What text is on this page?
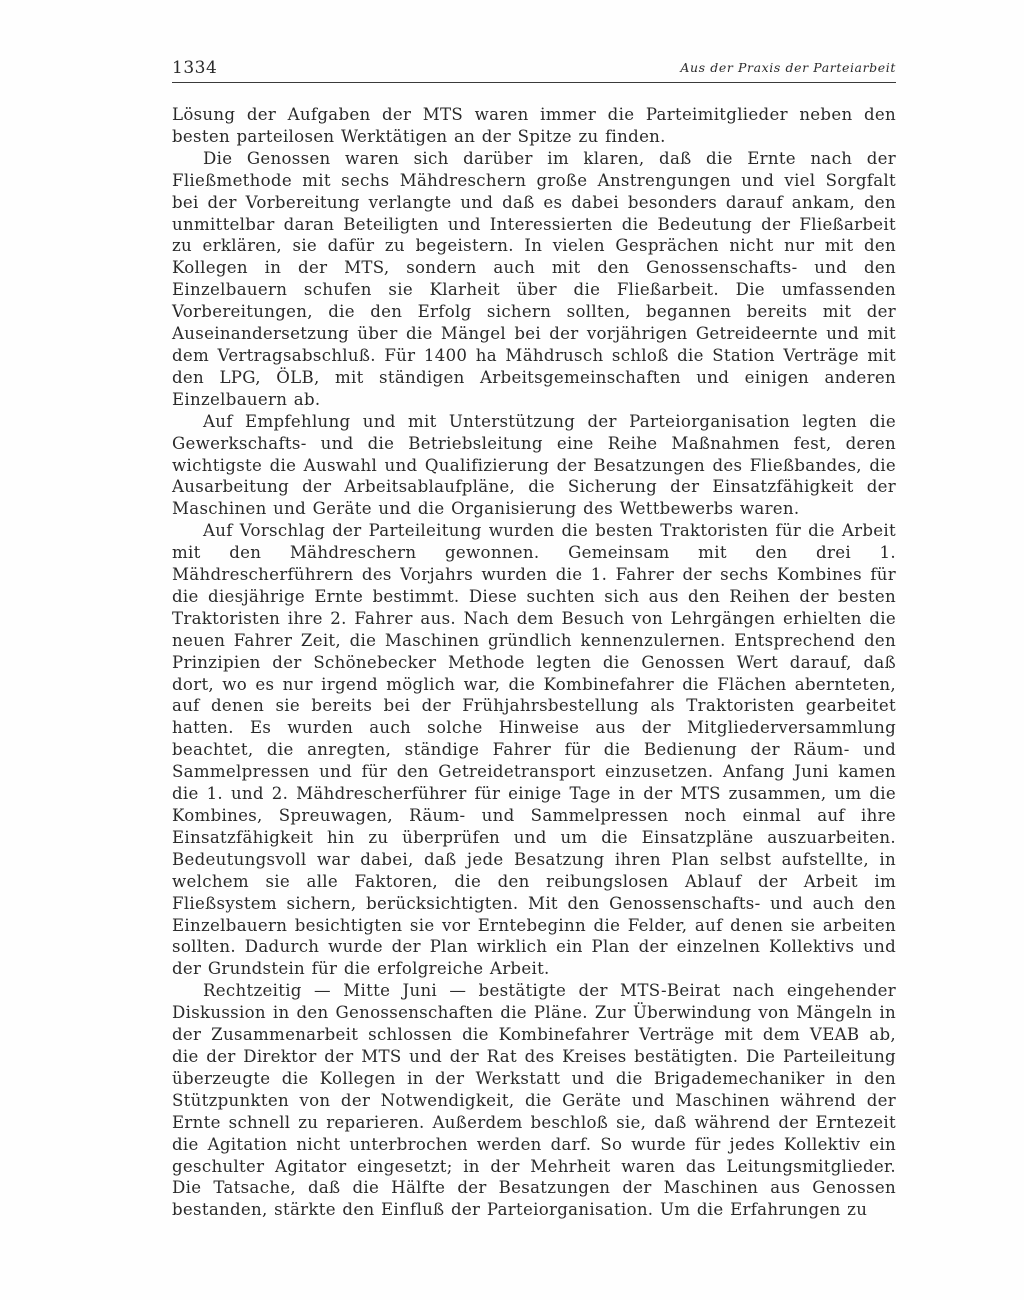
1334	Aus der Praxis der Parteiarbeit

Lösung der Aufgaben der MTS waren immer die Parteimitglieder neben den besten parteilosen Werktätigen an der Spitze zu finden.

Die Genossen waren sich darüber im klaren, daß die Ernte nach der Fließmethode mit sechs Mähdreschern große Anstrengungen und viel Sorgfalt bei der Vorbereitung verlangte und daß es dabei besonders darauf ankam, den unmittelbar daran Beteiligten und Interessierten die Bedeutung der Fließarbeit zu erklären, sie dafür zu begeistern. In vielen Gesprächen nicht nur mit den Kollegen in der MTS, sondern auch mit den Genossenschafts- und den Einzelbauern schufen sie Klarheit über die Fließarbeit. Die umfassenden Vorbereitungen, die den Erfolg sichern sollten, begannen bereits mit der Auseinandersetzung über die Mängel bei der vorjährigen Getreideernte und mit dem Vertragsabschluß. Für 1400 ha Mähdrusch schloß die Station Verträge mit den LPG, ÖLB, mit ständigen Arbeitsgemeinschaften und einigen anderen Einzelbauern ab.

Auf Empfehlung und mit Unterstützung der Parteiorganisation legten die Gewerkschafts- und die Betriebsleitung eine Reihe Maßnahmen fest, deren wichtigste die Auswahl und Qualifizierung der Besatzungen des Fließbandes, die Ausarbeitung der Arbeitsablaufpläne, die Sicherung der Einsatzfähigkeit der Maschinen und Geräte und die Organisierung des Wettbewerbs waren.

Auf Vorschlag der Parteileitung wurden die besten Traktoristen für die Arbeit mit den Mähdreschern gewonnen. Gemeinsam mit den drei 1. Mähdrescherführern des Vorjahrs wurden die 1. Fahrer der sechs Kombines für die diesjährige Ernte bestimmt. Diese suchten sich aus den Reihen der besten Traktoristen ihre 2. Fahrer aus. Nach dem Besuch von Lehrgängen erhielten die neuen Fahrer Zeit, die Maschinen gründlich kennenzulernen. Entsprechend den Prinzipien der Schönebecker Methode legten die Genossen Wert darauf, daß dort, wo es nur irgend möglich war, die Kombinefahrer die Flächen abernteten, auf denen sie bereits bei der Frühjahrsbestellung als Traktoristen gearbeitet hatten. Es wurden auch solche Hinweise aus der Mitgliederversammlung beachtet, die anregten, ständige Fahrer für die Bedienung der Räum- und Sammelpressen und für den Getreidetransport einzusetzen. Anfang Juni kamen die 1. und 2. Mähdrescherführer für einige Tage in der MTS zusammen, um die Kombines, Spreuwagen, Räum- und Sammelpressen noch einmal auf ihre Einsatzfähigkeit hin zu überprüfen und um die Einsatzpläne auszuarbeiten. Bedeutungsvoll war dabei, daß jede Besatzung ihren Plan selbst aufstellte, in welchem sie alle Faktoren, die den reibungslosen Ablauf der Arbeit im Fließsystem sichern, berücksichtigten. Mit den Genossenschafts- und auch den Einzelbauern besichtigten sie vor Erntebeginn die Felder, auf denen sie arbeiten sollten. Dadurch wurde der Plan wirklich ein Plan der einzelnen Kollektivs und der Grundstein für die erfolgreiche Arbeit.

Rechtzeitig — Mitte Juni — bestätigte der MTS-Beirat nach eingehender Diskussion in den Genossenschaften die Pläne. Zur Überwindung von Mängeln in der Zusammenarbeit schlossen die Kombinefahrer Verträge mit dem VEAB ab, die der Direktor der MTS und der Rat des Kreises bestätigten. Die Parteileitung überzeugte die Kollegen in der Werkstatt und die Brigademechaniker in den Stützpunkten von der Notwendigkeit, die Geräte und Maschinen während der Ernte schnell zu reparieren. Außerdem beschloß sie, daß während der Erntezeit die Agitation nicht unterbrochen werden darf. So wurde für jedes Kollektiv ein geschulter Agitator eingesetzt; in der Mehrheit waren das Leitungsmitglieder. Die Tatsache, daß die Hälfte der Besatzungen der Maschinen aus Genossen bestanden, stärkte den Einfluß der Parteiorganisation. Um die Erfahrungen zu
